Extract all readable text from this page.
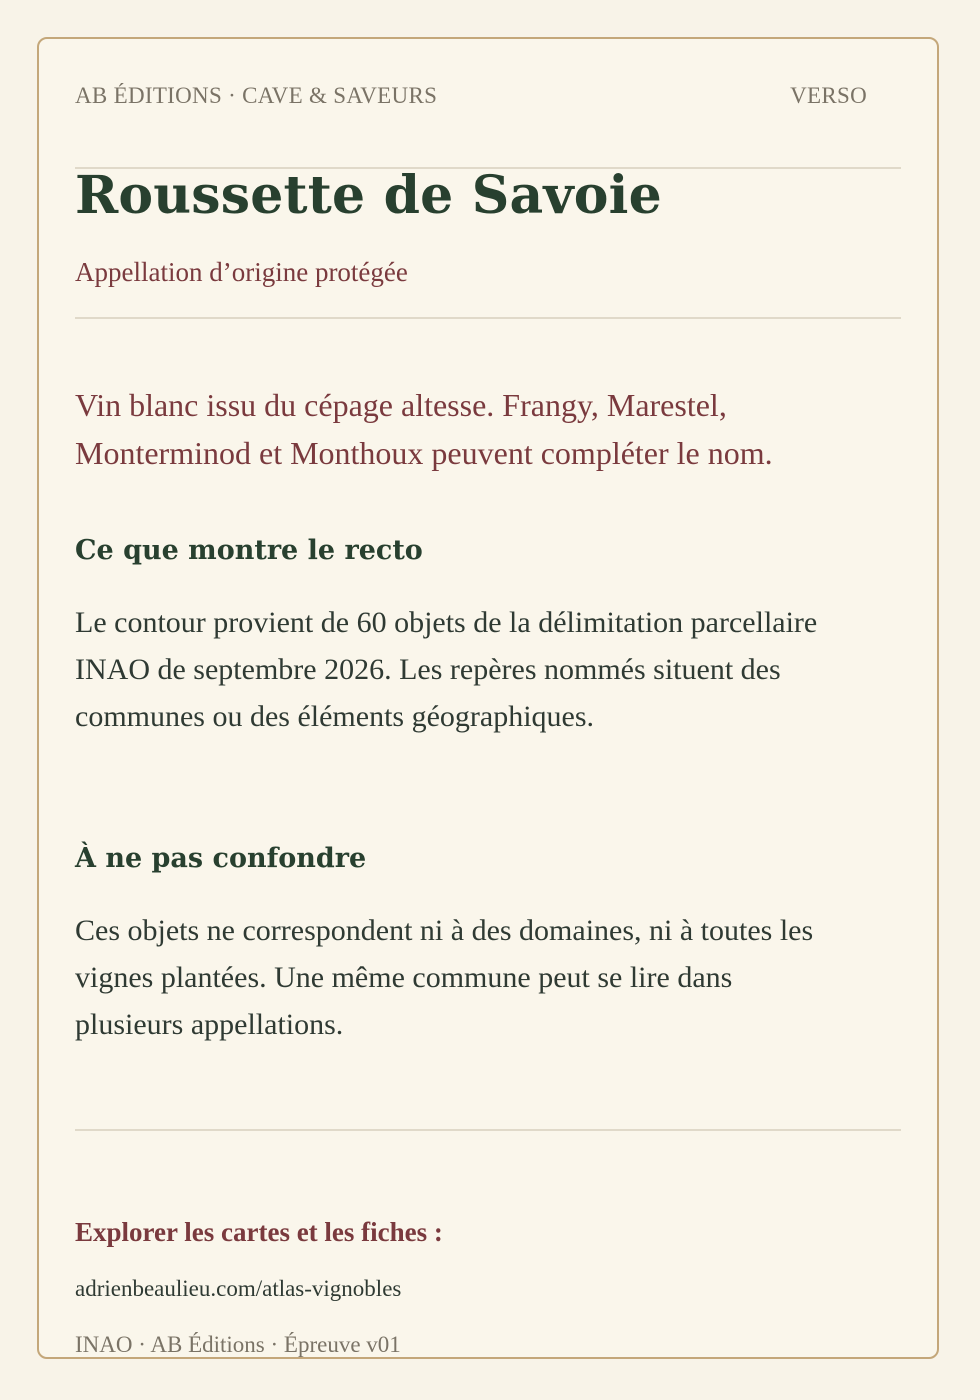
AB ÉDITIONS · CAVE & SAVEURS	VERSO
Roussette de Savoie
Appellation d’origine protégée

Vin blanc issu du cépage altesse. Frangy, Marestel, Monterminod et Monthoux peuvent compléter le nom.

Ce que montre le recto

Le contour provient de 60 objets de la délimitation parcellaire INAO de septembre 2026. Les repères nommés situent des communes ou des éléments géographiques.

À ne pas confondre

Ces objets ne correspondent ni à des domaines, ni à toutes les vignes plantées. Une même commune peut se lire dans plusieurs appellations.

Explorer les cartes et les fiches :
adrienbeaulieu.com/atlas-vignobles
INAO · AB Éditions · Épreuve v01
